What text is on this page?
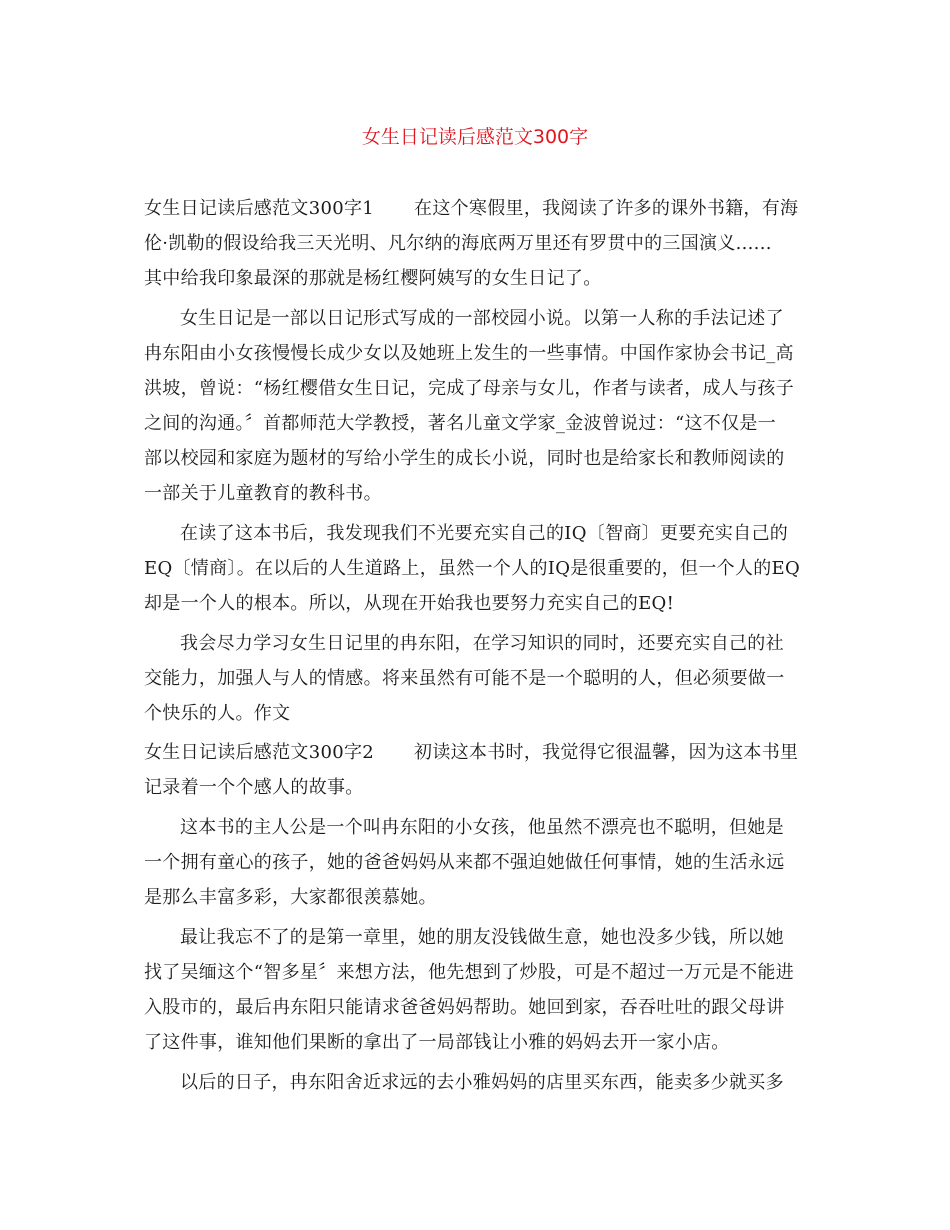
女生日记读后感范文300字
女生日记读后感范文300字1 在这个寒假里，我阅读了许多的课外书籍，有海
伦·凯勒的假设给我三天光明、凡尔纳的海底两万里还有罗贯中的三国演义......
其中给我印象最深的那就是杨红樱阿姨写的女生日记了。
女生日记是一部以日记形式写成的一部校园小说。以第一人称的手法记述了
冉东阳由小女孩慢慢长成少女以及她班上发生的一些事情。中国作家协会书记_高
洪坡，曾说：“杨红樱借女生日记，完成了母亲与女儿，作者与读者，成人与孩子
之间的沟通。〞首都师范大学教授，著名儿童文学家_金波曾说过：“这不仅是一
部以校园和家庭为题材的写给小学生的成长小说，同时也是给家长和教师阅读的
一部关于儿童教育的教科书。
在读了这本书后，我发现我们不光要充实自己的IQ〔智商〕更要充实自己的
EQ〔情商〕。在以后的人生道路上，虽然一个人的IQ是很重要的，但一个人的EQ
却是一个人的根本。所以，从现在开始我也要努力充实自己的EQ!
我会尽力学习女生日记里的冉东阳，在学习知识的同时，还要充实自己的社
交能力，加强人与人的情感。将来虽然有可能不是一个聪明的人，但必须要做一
个快乐的人。作文
女生日记读后感范文300字2 初读这本书时，我觉得它很温馨，因为这本书里
记录着一个个感人的故事。
这本书的主人公是一个叫冉东阳的小女孩，他虽然不漂亮也不聪明，但她是
一个拥有童心的孩子，她的爸爸妈妈从来都不强迫她做任何事情，她的生活永远
是那么丰富多彩，大家都很羡慕她。
最让我忘不了的是第一章里，她的朋友没钱做生意，她也没多少钱，所以她
找了吴缅这个“智多星〞来想方法，他先想到了炒股，可是不超过一万元是不能进
入股市的，最后冉东阳只能请求爸爸妈妈帮助。她回到家，吞吞吐吐的跟父母讲
了这件事，谁知他们果断的拿出了一局部钱让小雅的妈妈去开一家小店。
以后的日子，冉东阳舍近求远的去小雅妈妈的店里买东西，能卖多少就买多
